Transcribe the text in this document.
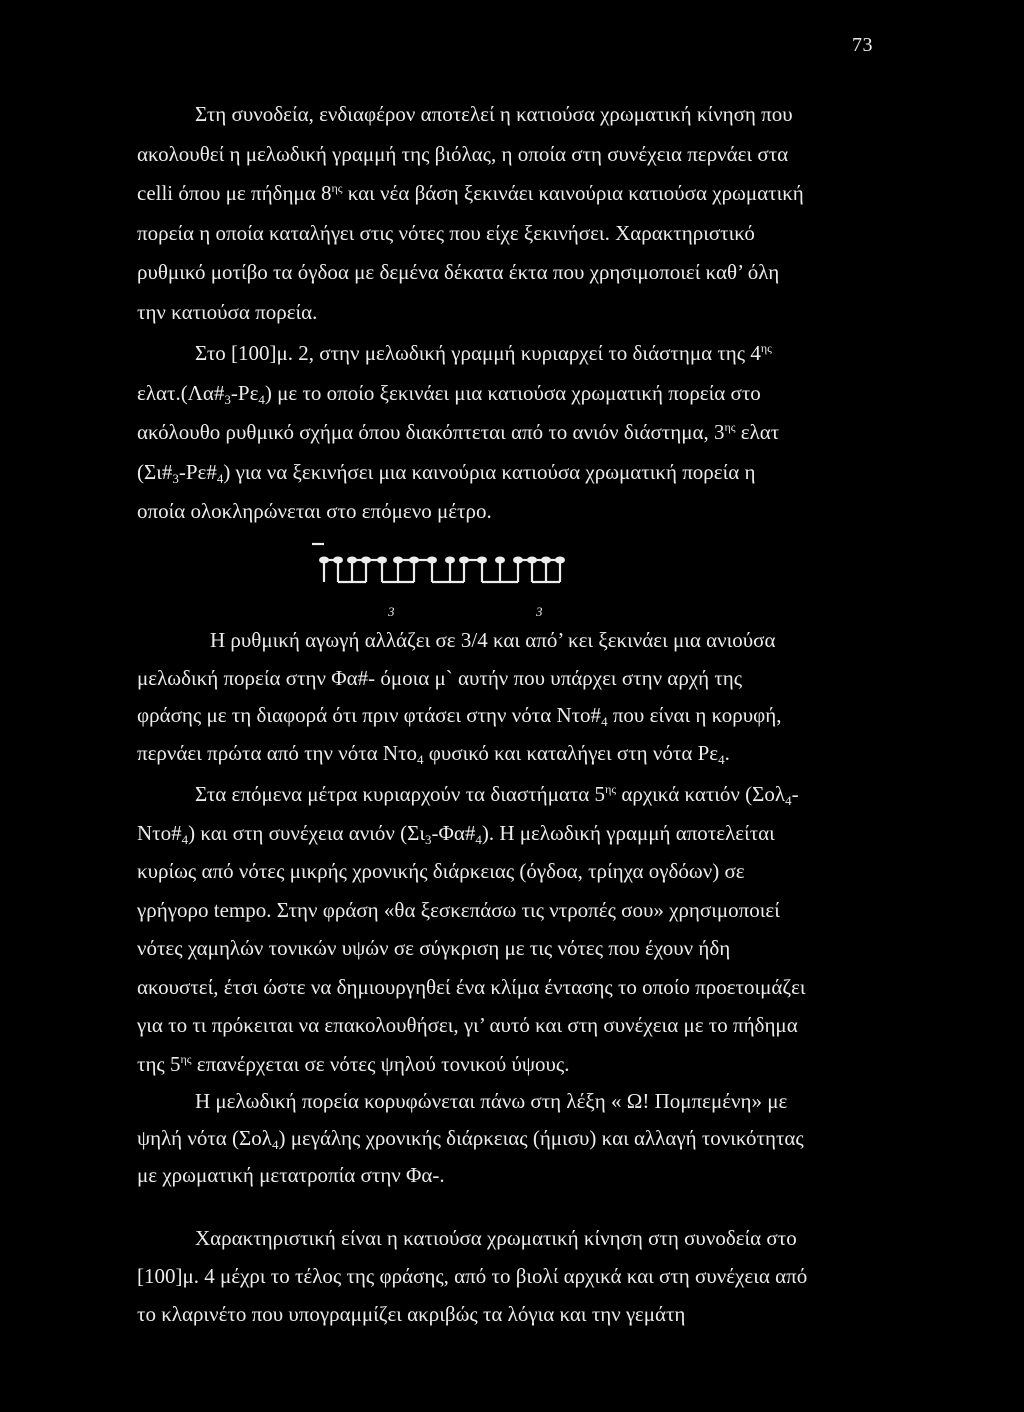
73
Στη συνοδεία, ενδιαφέρον αποτελεί η κατιούσα χρωματική κίνηση που
ακολουθεί η μελωδική γραμμή της βιόλας, η οποία στη συνέχεια περνάει στα
celli όπου με πήδημα $8^{\eta\varsigma}$ και νέα βάση ξεκινάει καινούρια κατιούσα χρωματική
πορεία η οποία καταλήγει στις νότες που είχε ξεκινήσει. Χαρακτηριστικό
ρυθμικό μοτίβο τα όγδοα με δεμένα δέκατα έκτα που χρησιμοποιεί καθ’ όλη
την κατιούσα πορεία.
Στο [100]μ. 2, στην μελωδική γραμμή κυριαρχεί το διάστημα της $4^{\eta\varsigma}$
$\varepsilon\lambda\alpha\tau.(\Lambda\alpha\#_3-P\varepsilon_4)$ με το οποίο ξεκινάει μια κατιούσα χρωματική πορεία στο
ακόλουθο ρυθμικό σχήμα όπου διακόπτεται από το ανιόν διάστημα, $3^{\eta\varsigma}$ ελατ
$(\Sigma\iota\#_3-P\varepsilon\#_4)$ για να ξεκινήσει μια καινούρια κατιούσα χρωματική πορεία η
οποία ολοκληρώνεται στο επόμενο μέτρο.
Η ρυθμική αγωγή αλλάζει σε 3/4 και από’ κει ξεκινάει μια ανιούσα
μελωδική πορεία στην Φα#- όμοια μ` αυτήν που υπάρχει στην αρχή της
φράσης με τη διαφορά ότι πριν φτάσει στην νότα $N\tau o\#_4$ που είναι η κορυφή,
περνάει πρώτα από την νότα Ντο$_4$ φυσικό και καταλήγει στη νότα $P\varepsilon_4$.
Στα επόμενα μέτρα κυριαρχούν τα διαστήματα $5^{\eta\varsigma}$ αρχικά κατιόν (Σολ$_4$-
$N\tau o\#_4$) και στη συνέχεια ανιόν $(\Sigma\iota_3-\Phi\alpha\#_4)$. Η μελωδική γραμμή αποτελείται
κυρίως από νότες μικρής χρονικής διάρκειας (όγδοα, τρίηχα ογδόων) σε
γρήγορο tempo. Στην φράση «θα ξεσκεπάσω τις ντροπές σου» χρησιμοποιεί
νότες χαμηλών τονικών υψών σε σύγκριση με τις νότες που έχουν ήδη
ακουστεί, έτσι ώστε να δημιουργηθεί ένα κλίμα έντασης το οποίο προετοιμάζει
για το τι πρόκειται να επακολουθήσει, γι’ αυτό και στη συνέχεια με το πήδημα
της $5^{\eta\varsigma}$ επανέρχεται σε νότες ψηλού τονικού ύψους.
Η μελωδική πορεία κορυφώνεται πάνω στη λέξη « Ω! Πομπεμένη» με
ψηλή νότα (Σολ$_4$) μεγάλης χρονικής διάρκειας (ήμισυ) και αλλαγή τονικότητας
με χρωματική μετατροπία στην Φα-.
Χαρακτηριστική είναι η κατιούσα χρωματική κίνηση στη συνοδεία στο
[100]μ. 4 μέχρι το τέλος της φράσης, από το βιολί αρχικά και στη συνέχεια από
το κλαρινέτο που υπογραμμίζει ακριβώς τα λόγια και την γεμάτη
3	3
